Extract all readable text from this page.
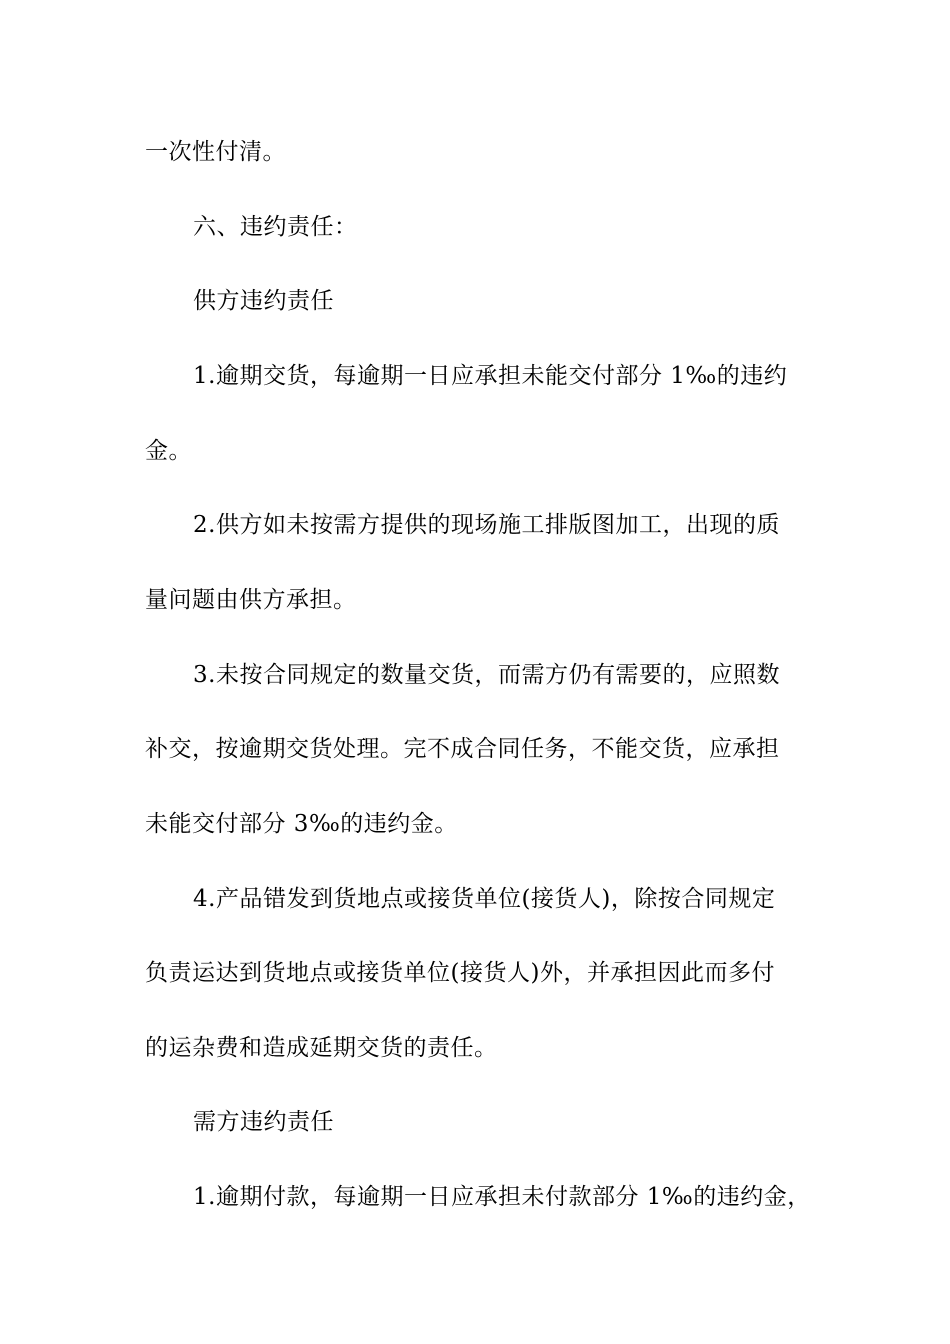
一次性付清。
六、违约责任：
供方违约责任
1.逾期交货，每逾期一日应承担未能交付部分 1‰的违约
金。
2.供方如未按需方提供的现场施工排版图加工，出现的质
量问题由供方承担。
3.未按合同规定的数量交货，而需方仍有需要的，应照数
补交，按逾期交货处理。完不成合同任务，不能交货，应承担
未能交付部分 3‰的违约金。
4.产品错发到货地点或接货单位(接货人)，除按合同规定
负责运达到货地点或接货单位(接货人)外，并承担因此而多付
的运杂费和造成延期交货的责任。
需方违约责任
1.逾期付款，每逾期一日应承担未付款部分 1‰的违约金，
